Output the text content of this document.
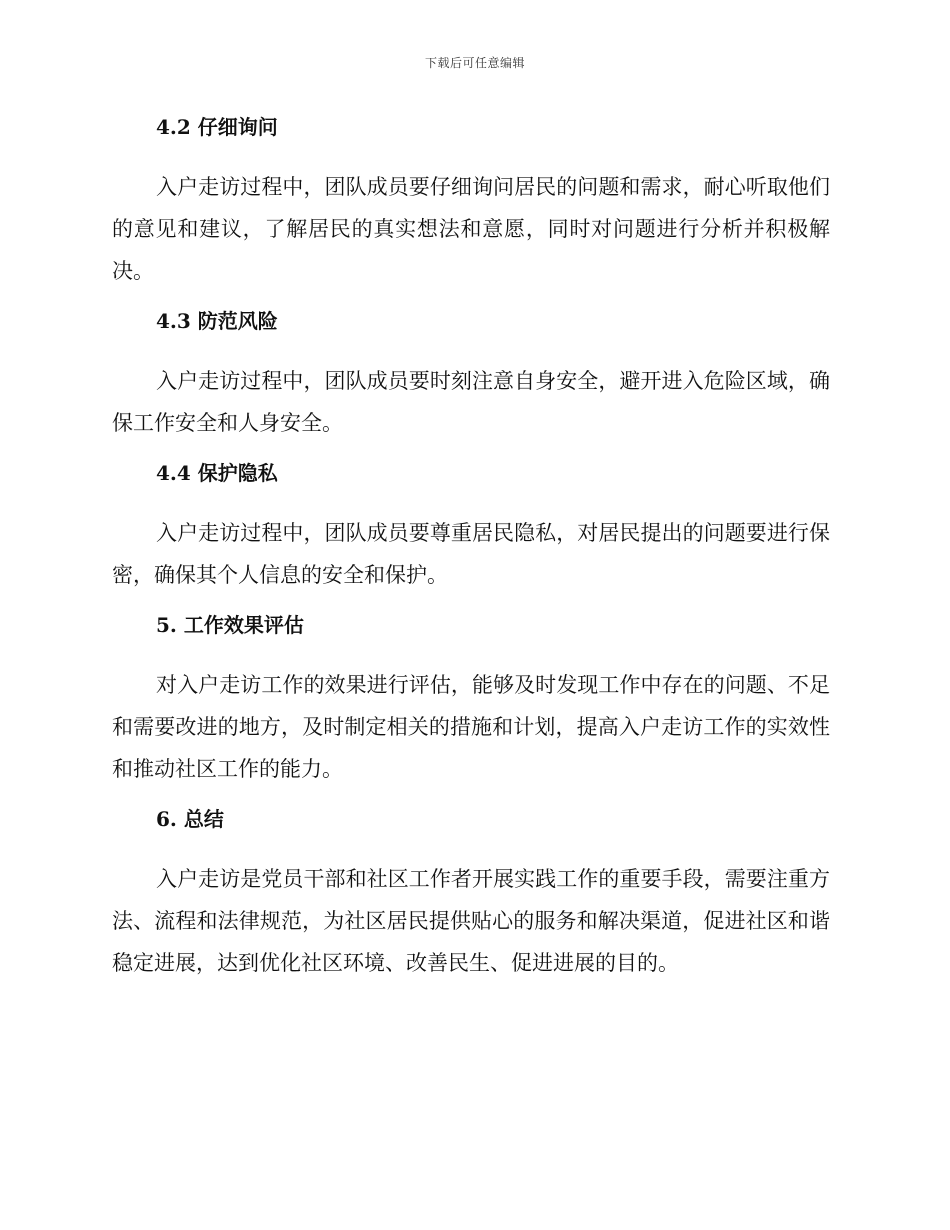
下载后可任意编辑
4.2 仔细询问

入户走访过程中，团队成员要仔细询问居民的问题和需求，耐心听取他们的意见和建议，了解居民的真实想法和意愿，同时对问题进行分析并积极解决。

4.3 防范风险

入户走访过程中，团队成员要时刻注意自身安全，避开进入危险区域，确保工作安全和人身安全。

4.4 保护隐私

入户走访过程中，团队成员要尊重居民隐私，对居民提出的问题要进行保密，确保其个人信息的安全和保护。

5. 工作效果评估

对入户走访工作的效果进行评估，能够及时发现工作中存在的问题、不足和需要改进的地方，及时制定相关的措施和计划，提高入户走访工作的实效性和推动社区工作的能力。

6. 总结

入户走访是党员干部和社区工作者开展实践工作的重要手段，需要注重方法、流程和法律规范，为社区居民提供贴心的服务和解决渠道，促进社区和谐稳定进展，达到优化社区环境、改善民生、促进进展的目的。
